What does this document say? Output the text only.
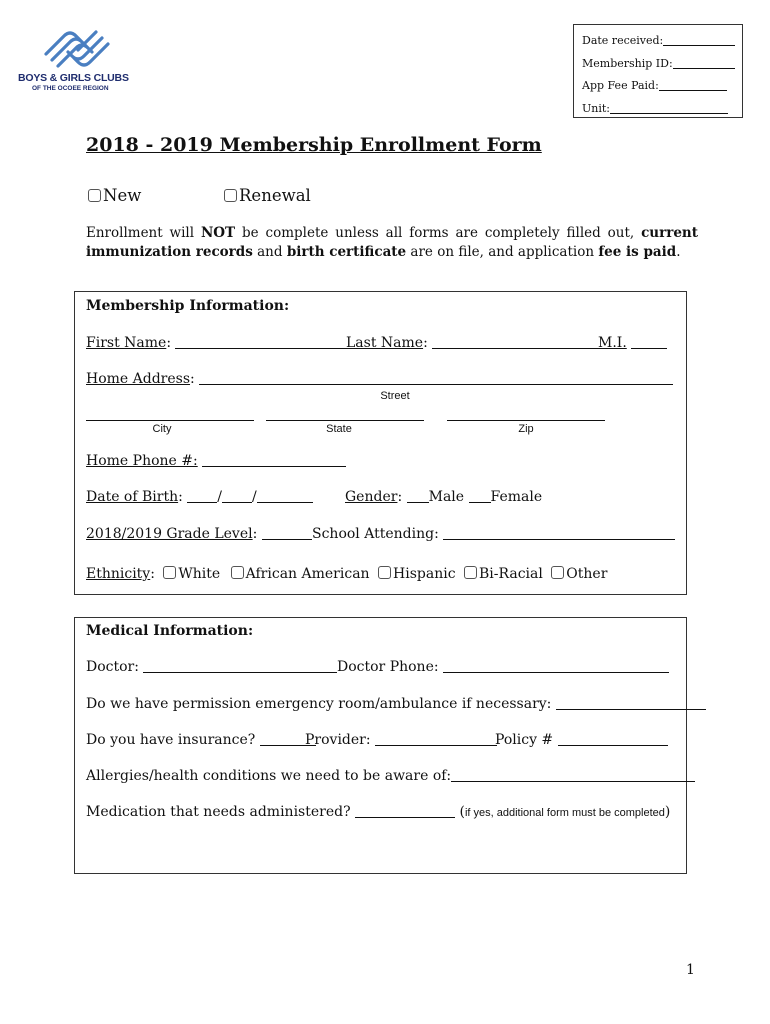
BOYS & GIRLS CLUBS
OF THE OCOEE REGION
Date received:
Membership ID:
App Fee Paid:
Unit:
2018 - 2019 Membership Enrollment Form
New	Renewal
Enrollment will NOT be complete unless all forms are completely filled out, current immunization records and birth certificate are on file, and application fee is paid.
Membership Information:
First Name:	Last Name:	M.I.
Home Address:
Street
City	State	Zip
Home Phone #:
Date of Birth: / /	Gender: Male Female
2018/2019 Grade Level:	School Attending:
Ethnicity: White African American Hispanic Bi-Racial Other
Medical Information:
Doctor:	Doctor Phone:
Do we have permission emergency room/ambulance if necessary:
Do you have insurance?	Provider:	Policy #
Allergies/health conditions we need to be aware of:
Medication that needs administered?	(if yes, additional form must be completed)
1
